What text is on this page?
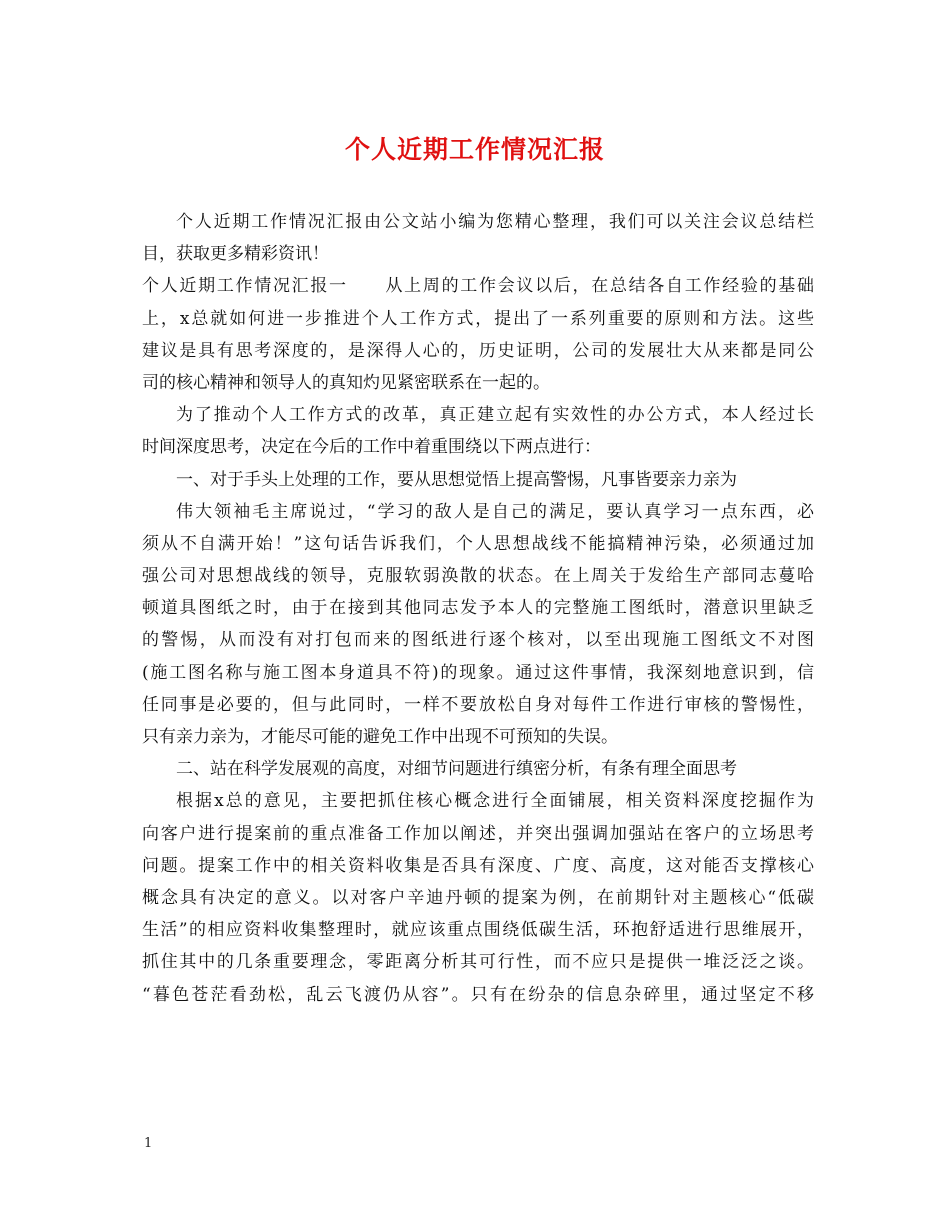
个人近期工作情况汇报
个人近期工作情况汇报由公文站小编为您精心整理，我们可以关注会议总结栏
目，获取更多精彩资讯！
个人近期工作情况汇报一 从上周的工作会议以后，在总结各自工作经验的基础
上，x总就如何进一步推进个人工作方式，提出了一系列重要的原则和方法。这些
建议是具有思考深度的，是深得人心的，历史证明，公司的发展壮大从来都是同公
司的核心精神和领导人的真知灼见紧密联系在一起的。
为了推动个人工作方式的改革，真正建立起有实效性的办公方式，本人经过长
时间深度思考，决定在今后的工作中着重围绕以下两点进行：
一、对于手头上处理的工作，要从思想觉悟上提高警惕，凡事皆要亲力亲为
伟大领袖毛主席说过，“学习的敌人是自己的满足，要认真学习一点东西，必
须从不自满开始！”这句话告诉我们，个人思想战线不能搞精神污染，必须通过加
强公司对思想战线的领导，克服软弱涣散的状态。在上周关于发给生产部同志蔓哈
顿道具图纸之时，由于在接到其他同志发予本人的完整施工图纸时，潜意识里缺乏
的警惕，从而没有对打包而来的图纸进行逐个核对，以至出现施工图纸文不对图
(施工图名称与施工图本身道具不符)的现象。通过这件事情，我深刻地意识到，信
任同事是必要的，但与此同时，一样不要放松自身对每件工作进行审核的警惕性，
只有亲力亲为，才能尽可能的避免工作中出现不可预知的失误。
二、站在科学发展观的高度，对细节问题进行缜密分析，有条有理全面思考
根据x总的意见，主要把抓住核心概念进行全面铺展，相关资料深度挖掘作为
向客户进行提案前的重点准备工作加以阐述，并突出强调加强站在客户的立场思考
问题。提案工作中的相关资料收集是否具有深度、广度、高度，这对能否支撑核心
概念具有决定的意义。以对客户辛迪丹顿的提案为例，在前期针对主题核心“低碳
生活”的相应资料收集整理时，就应该重点围绕低碳生活，环抱舒适进行思维展开，
抓住其中的几条重要理念，零距离分析其可行性，而不应只是提供一堆泛泛之谈。
“暮色苍茫看劲松，乱云飞渡仍从容”。只有在纷杂的信息杂碎里，通过坚定不移
1
